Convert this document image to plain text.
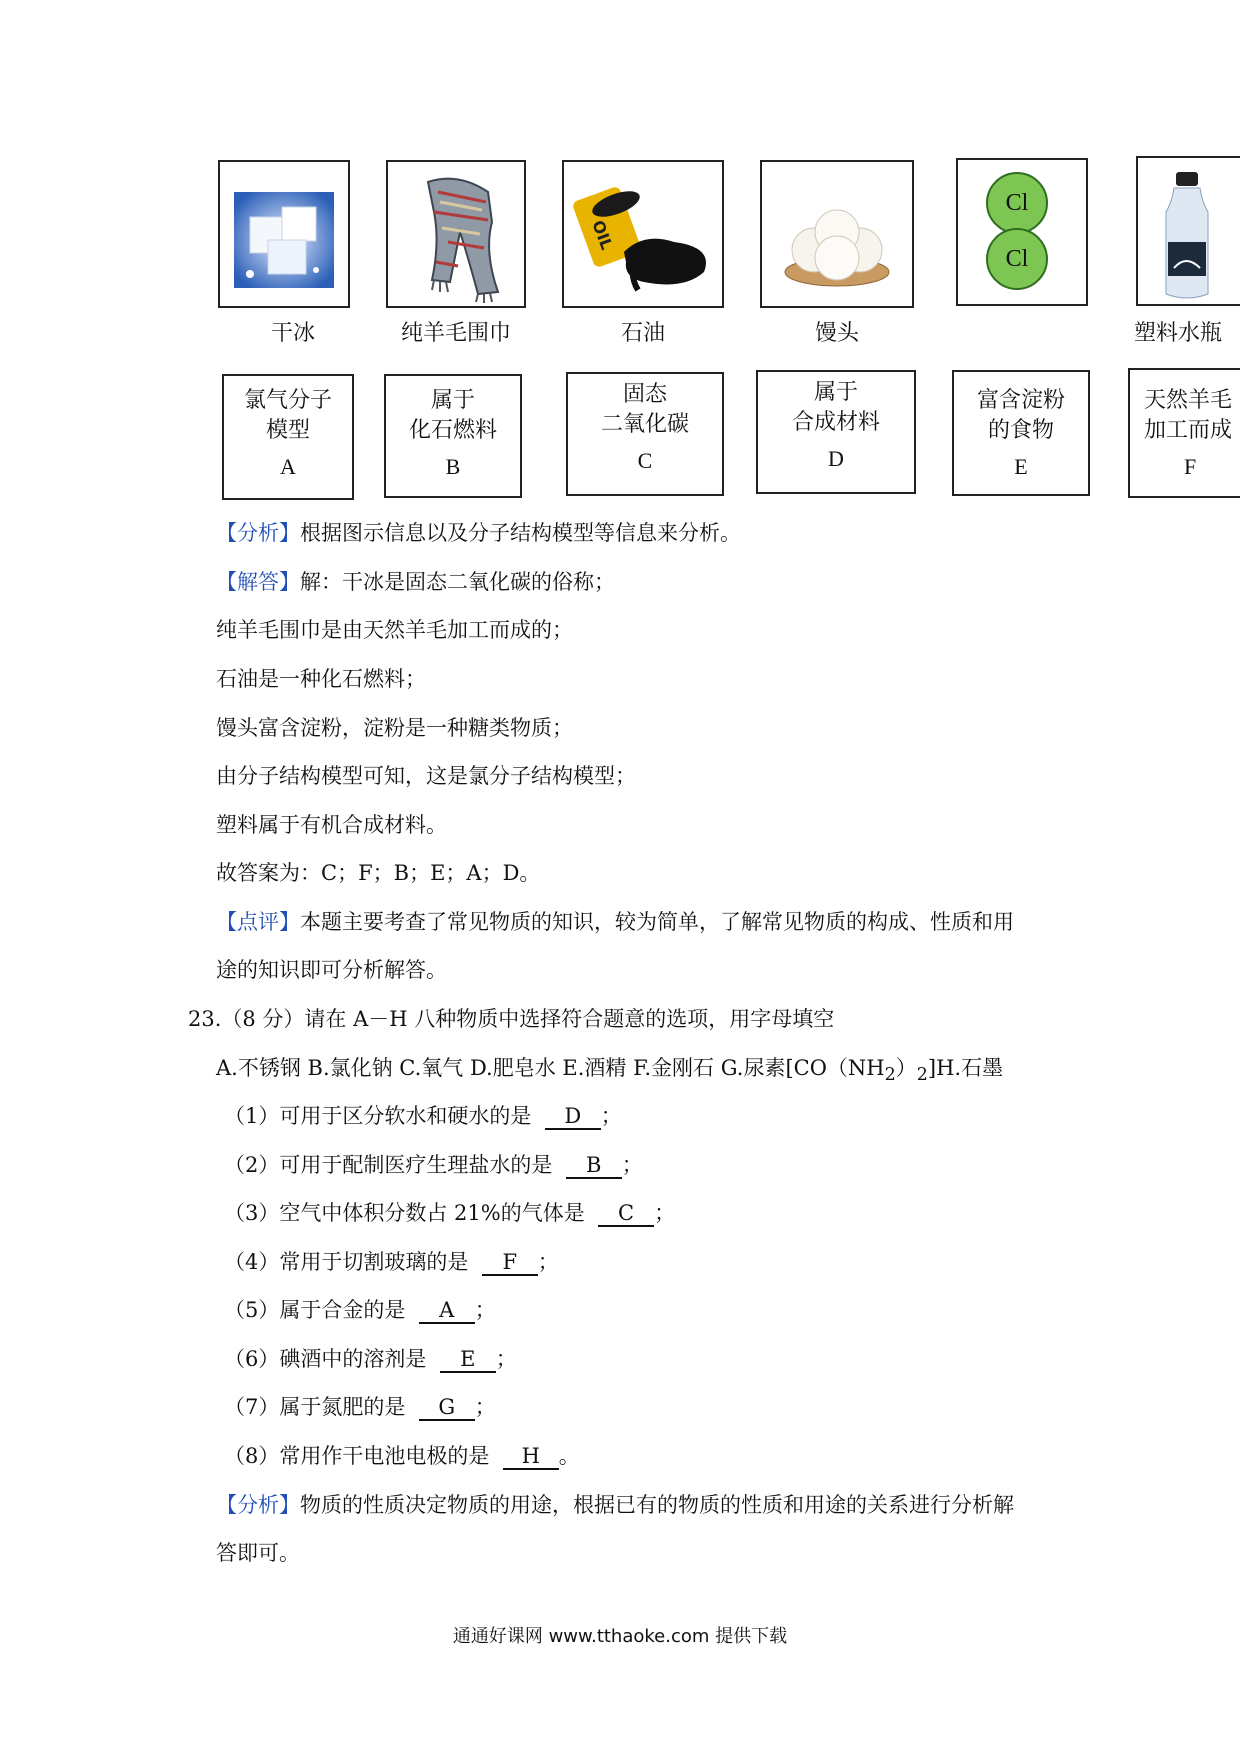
OIL
Cl
Cl
干冰	纯羊毛围巾	石油	馒头	塑料水瓶
氯气分子
模型
A
属于
化石燃料
B
固态
二氧化碳
C
属于
合成材料
D
富含淀粉
的食物
E
天然羊毛
加工而成
F
【分析】根据图示信息以及分子结构模型等信息来分析。
【解答】解：干冰是固态二氧化碳的俗称；
纯羊毛围巾是由天然羊毛加工而成的；
石油是一种化石燃料；
馒头富含淀粉，淀粉是一种糖类物质；
由分子结构模型可知，这是氯分子结构模型；
塑料属于有机合成材料。
故答案为：C；F；B；E；A；D。
【点评】本题主要考查了常见物质的知识，较为简单，了解常见物质的构成、性质和用
途的知识即可分析解答。
23.（8 分）请在 A－H 八种物质中选择符合题意的选项，用字母填空
A.不锈钢 B.氯化钠 C.氧气 D.肥皂水 E.酒精 F.金刚石 G.尿素$[CO(NH_2)_2]H$.石墨
（1）可用于区分软水和硬水的是 D ；
（2）可用于配制医疗生理盐水的是 B ；
（3）空气中体积分数占 21%的气体是 C ；
（4）常用于切割玻璃的是 F ；
（5）属于合金的是 A ；
（6）碘酒中的溶剂是 E ；
（7）属于氮肥的是 G ；
（8）常用作干电池电极的是 H 。
【分析】物质的性质决定物质的用途，根据已有的物质的性质和用途的关系进行分析解
答即可。
通通好课网 www.tthaoke.com 提供下载
